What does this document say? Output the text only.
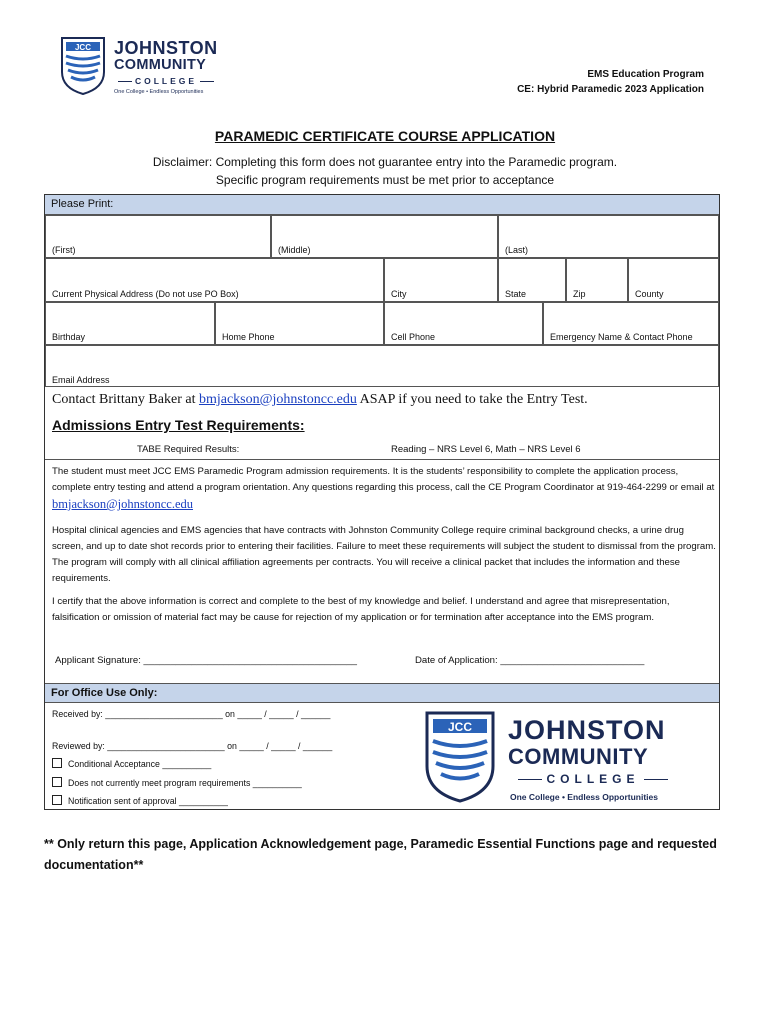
JCC JOHNSTON
COMMUNITY
COLLEGE
One College • Endless Opportunities
EMS Education Program
CE: Hybrid Paramedic 2023 Application
PARAMEDIC CERTIFICATE COURSE APPLICATION
Disclaimer: Completing this form does not guarantee entry into the Paramedic program.
Specific program requirements must be met prior to acceptance
Please Print:
(First)	(Middle)	(Last)
Current Physical Address (Do not use PO Box)	City	State	Zip	County
Birthday	Home Phone	Cell Phone	Emergency Name & Contact Phone
Email Address
Contact Brittany Baker at bmjackson@johnstoncc.edu ASAP if you need to take the Entry Test.
Admissions Entry Test Requirements:
TABE Required Results:	Reading – NRS Level 6, Math – NRS Level 6
The student must meet JCC EMS Paramedic Program admission requirements. It is the students’ responsibility to complete the application process, complete entry testing and attend a program orientation. Any questions regarding this process, call the CE Program Coordinator at 919-464-2299 or email at bmjackson@johnstoncc.edu
Hospital clinical agencies and EMS agencies that have contracts with Johnston Community College require criminal background checks, a urine drug screen, and up to date shot records prior to entering their facilities. Failure to meet these requirements will subject the student to dismissal from the program. The program will comply with all clinical affiliation agreements per contracts. You will receive a clinical packet that includes the information and these requirements.
I certify that the above information is correct and complete to the best of my knowledge and belief. I understand and agree that misrepresentation, falsification or omission of material fact may be cause for rejection of my application or for termination after acceptance into the EMS program.
Applicant Signature: ________________________________________	Date of Application: ___________________________
For Office Use Only:
Received by: ________________________ on _____ / _____ / ______
Reviewed by: ________________________ on _____ / _____ / ______
Conditional Acceptance __________
Does not currently meet program requirements __________
Notification sent of approval __________
JCC JOHNSTON
COMMUNITY
COLLEGE
One College • Endless Opportunities
** Only return this page, Application Acknowledgement page, Paramedic Essential Functions page and requested documentation**
